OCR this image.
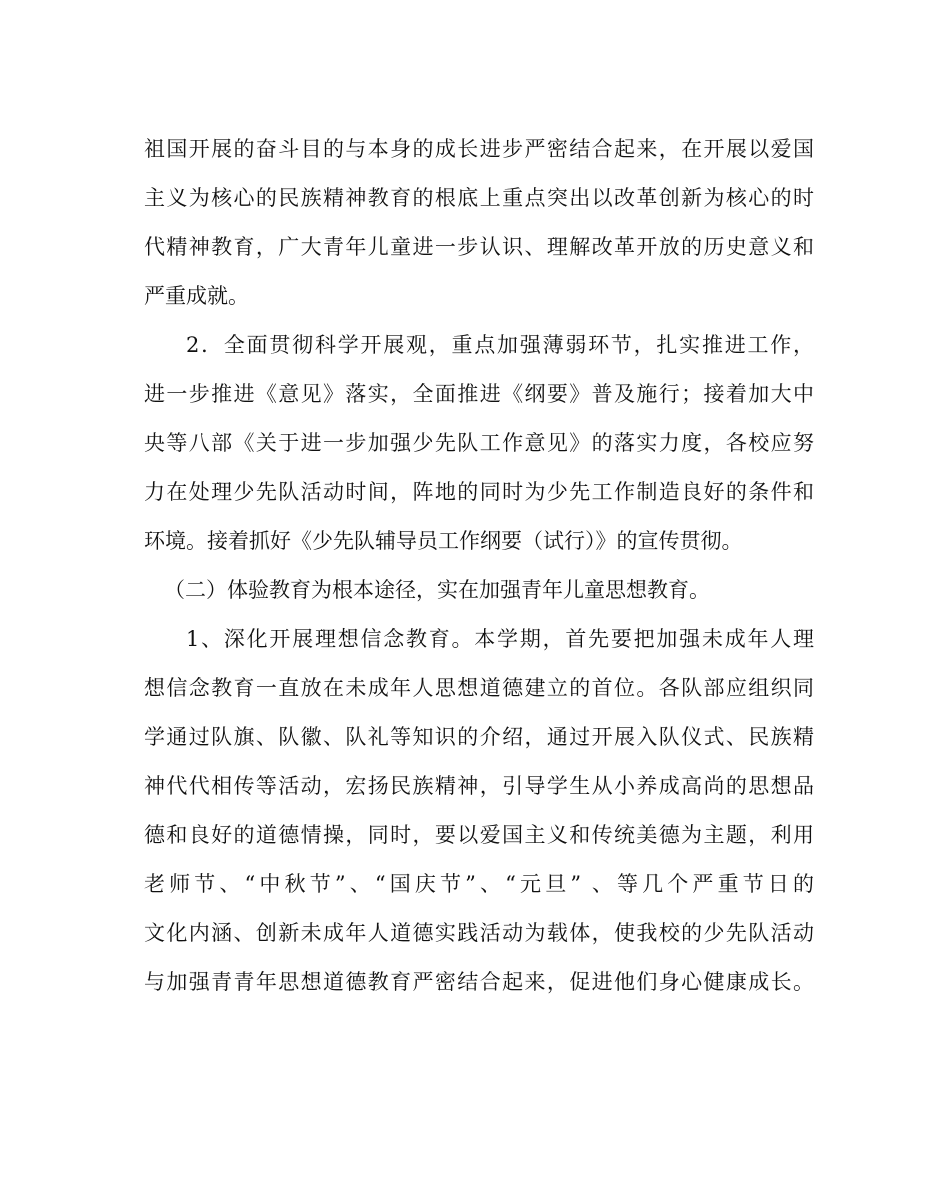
祖国开展的奋斗目的与本身的成长进步严密结合起来，在开展以爱国
主义为核心的民族精神教育的根底上重点突出以改革创新为核心的时
代精神教育，广大青年儿童进一步认识、理解改革开放的历史意义和
严重成就。
2．全面贯彻科学开展观，重点加强薄弱环节，扎实推进工作，
进一步推进《意见》落实，全面推进《纲要》普及施行；接着加大中
央等八部《关于进一步加强少先队工作意见》的落实力度，各校应努
力在处理少先队活动时间，阵地的同时为少先工作制造良好的条件和
环境。接着抓好《少先队辅导员工作纲要（试行）》的宣传贯彻。
（二）体验教育为根本途径，实在加强青年儿童思想教育。
1、深化开展理想信念教育。本学期，首先要把加强未成年人理
想信念教育一直放在未成年人思想道德建立的首位。各队部应组织同
学通过队旗、队徽、队礼等知识的介绍，通过开展入队仪式、民族精
神代代相传等活动，宏扬民族精神，引导学生从小养成高尚的思想品
德和良好的道德情操，同时，要以爱国主义和传统美德为主题，利用
老师节、“中秋节”、“国庆节”、“元旦” 、等几个严重节日的
文化内涵、创新未成年人道德实践活动为载体，使我校的少先队活动
与加强青青年思想道德教育严密结合起来，促进他们身心健康成长。
